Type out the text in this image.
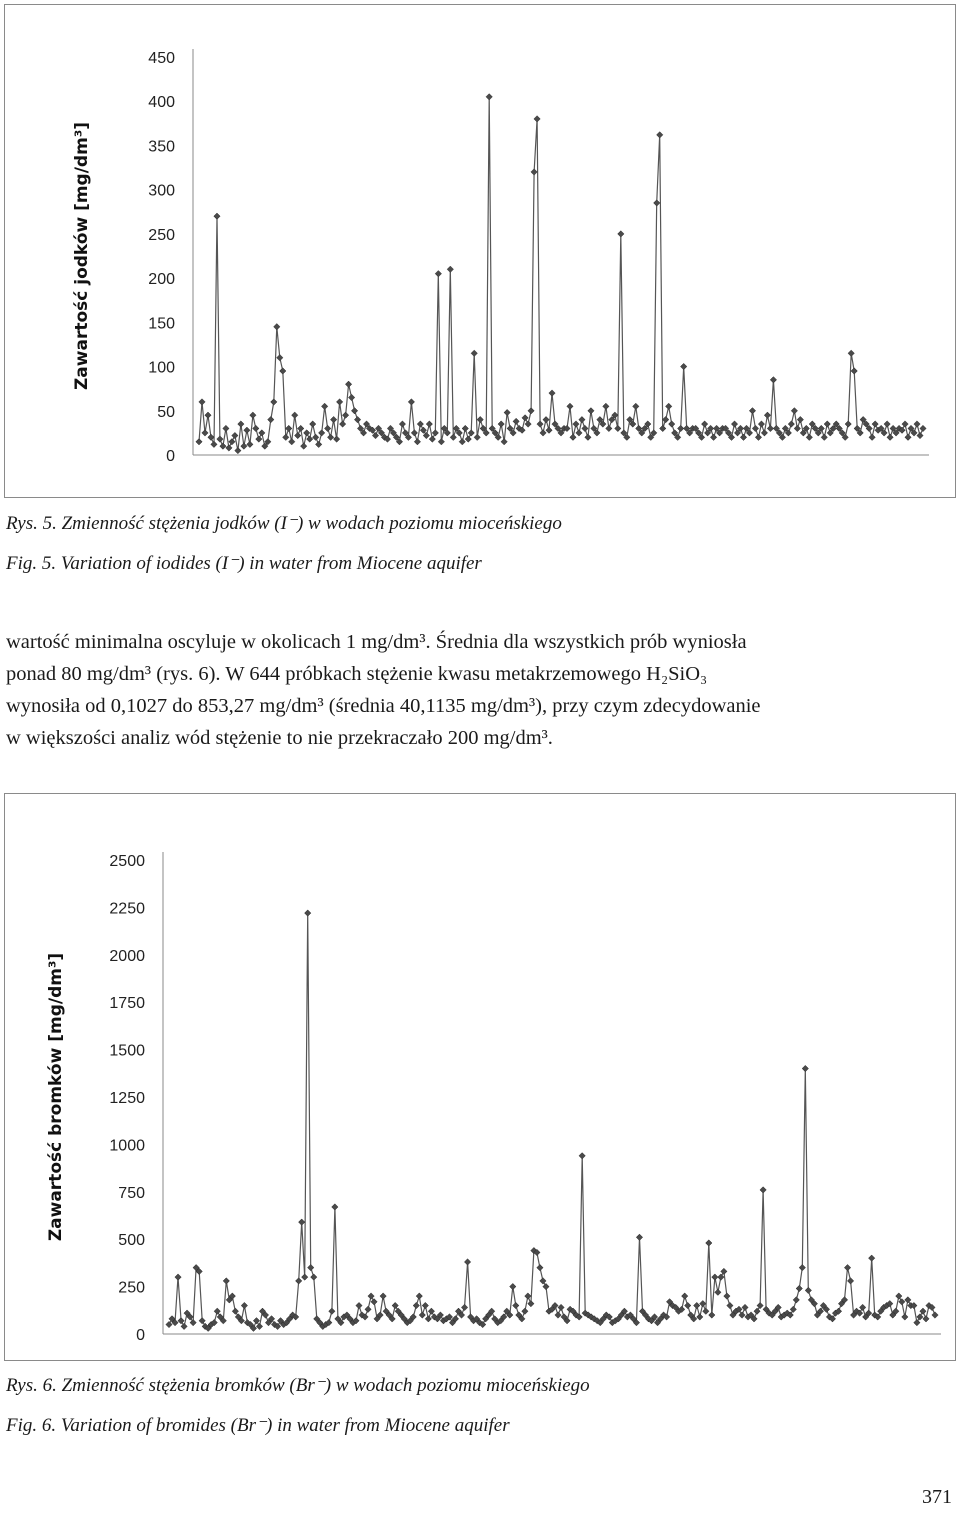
0
50
100
150
200
250
300
350
400
450
Zawartość jodków [mg/dm³]
Rys. 5. Zmienność stężenia jodków (I⁻) w wodach poziomu mioceńskiego
Fig. 5. Variation of iodides (I⁻) in water from Miocene aquifer

wartość minimalna oscyluje w okolicach 1 mg/dm³. Średnia dla wszystkich prób wyniosła

ponad 80 mg/dm³ (rys. 6). W 644 próbkach stężenie kwasu metakrzemowego H₂SiO₃

wynosiła od 0,1027 do 853,27 mg/dm³ (średnia 40,1135 mg/dm³), przy czym zdecydowanie

w większości analiz wód stężenie to nie przekraczało 200 mg/dm³.

0
250
500
750
1000
1250
1500
1750
2000
2250
2500
Zawartość bromków [mg/dm³]
Rys. 6. Zmienność stężenia bromków (Br⁻) w wodach poziomu mioceńskiego
Fig. 6. Variation of bromides (Br⁻) in water from Miocene aquifer
371
